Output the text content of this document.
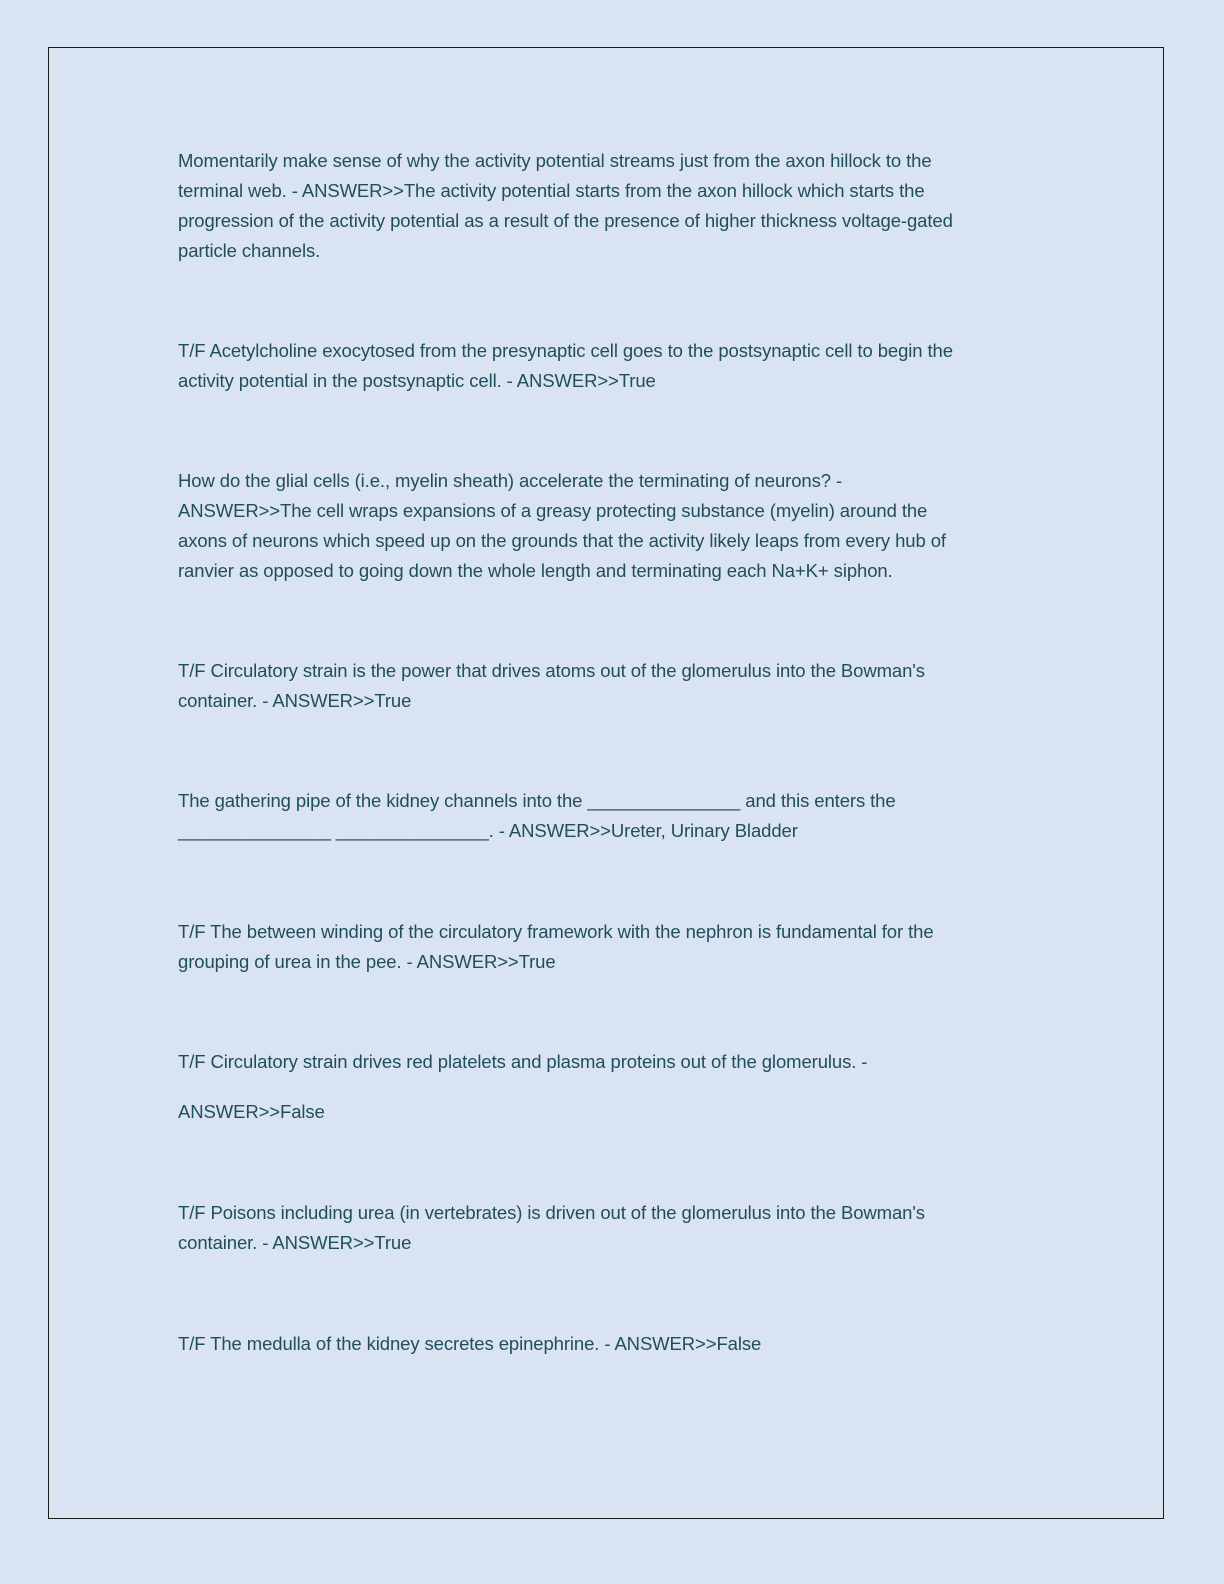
Momentarily make sense of why the activity potential streams just from the axon hillock to the
terminal web. - ANSWER>>The activity potential starts from the axon hillock which starts the
progression of the activity potential as a result of the presence of higher thickness voltage-gated
particle channels.

T/F Acetylcholine exocytosed from the presynaptic cell goes to the postsynaptic cell to begin the
activity potential in the postsynaptic cell. - ANSWER>>True

How do the glial cells (i.e., myelin sheath) accelerate the terminating of neurons? -
ANSWER>>The cell wraps expansions of a greasy protecting substance (myelin) around the
axons of neurons which speed up on the grounds that the activity likely leaps from every hub of
ranvier as opposed to going down the whole length and terminating each Na+K+ siphon.

T/F Circulatory strain is the power that drives atoms out of the glomerulus into the Bowman's
container. - ANSWER>>True

The gathering pipe of the kidney channels into the _______________ and this enters the
_______________ _______________. - ANSWER>>Ureter, Urinary Bladder

T/F The between winding of the circulatory framework with the nephron is fundamental for the
grouping of urea in the pee. - ANSWER>>True

T/F Circulatory strain drives red platelets and plasma proteins out of the glomerulus. -
ANSWER>>False

T/F Poisons including urea (in vertebrates) is driven out of the glomerulus into the Bowman's
container. - ANSWER>>True

T/F The medulla of the kidney secretes epinephrine. - ANSWER>>False
